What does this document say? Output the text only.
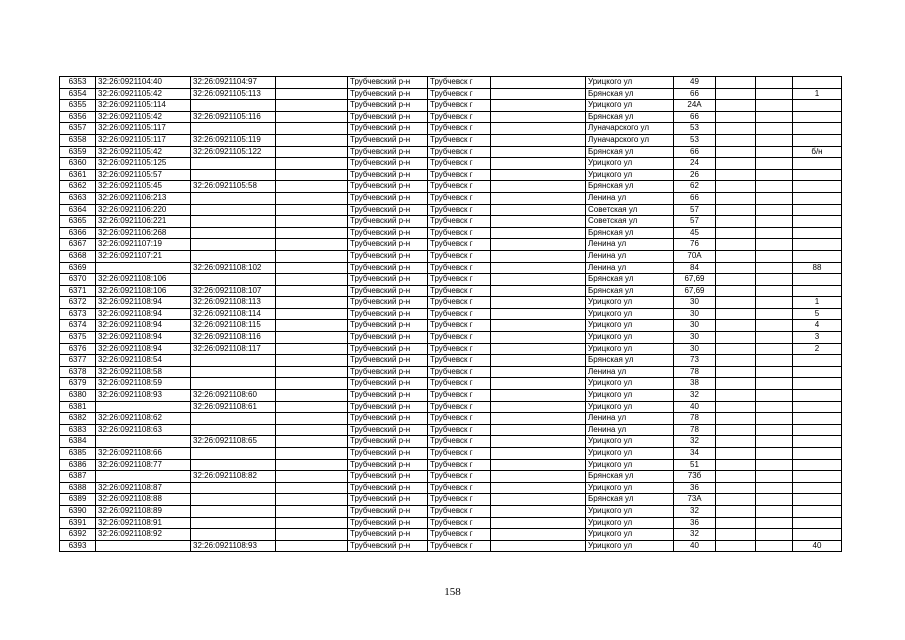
6353	32:26:0921104:40	32:26:0921104:97		Трубчевский р-н	Трубчевск г		Урицкого ул	49			
6354	32:26:0921105:42	32:26:0921105:113		Трубчевский р-н	Трубчевск г		Брянская ул	66			1
6355	32:26:0921105:114			Трубчевский р-н	Трубчевск г		Урицкого ул	24А			
6356	32:26:0921105:42	32:26:0921105:116		Трубчевский р-н	Трубчевск г		Брянская ул	66			
6357	32:26:0921105:117			Трубчевский р-н	Трубчевск г		Луначарского ул	53			
6358	32:26:0921105:117	32:26:0921105:119		Трубчевский р-н	Трубчевск г		Луначарского ул	53			
6359	32:26:0921105:42	32:26:0921105:122		Трубчевский р-н	Трубчевск г		Брянская ул	66			б/н
6360	32:26:0921105:125			Трубчевский р-н	Трубчевск г		Урицкого ул	24			
6361	32:26:0921105:57			Трубчевский р-н	Трубчевск г		Урицкого ул	26			
6362	32:26:0921105:45	32:26:0921105:58		Трубчевский р-н	Трубчевск г		Брянская ул	62			
6363	32:26:0921106:213			Трубчевский р-н	Трубчевск г		Ленина ул	66			
6364	32:26:0921106:220			Трубчевский р-н	Трубчевск г		Советская ул	57			
6365	32:26:0921106:221			Трубчевский р-н	Трубчевск г		Советская ул	57			
6366	32:26:0921106:268			Трубчевский р-н	Трубчевск г		Брянская ул	45			
6367	32:26:0921107:19			Трубчевский р-н	Трубчевск г		Ленина ул	76			
6368	32:26:0921107:21			Трубчевский р-н	Трубчевск г		Ленина ул	70А			
6369		32:26:0921108:102		Трубчевский р-н	Трубчевск г		Ленина ул	84			88
6370	32:26:0921108:106			Трубчевский р-н	Трубчевск г		Брянская ул	67,69			
6371	32:26:0921108:106	32:26:0921108:107		Трубчевский р-н	Трубчевск г		Брянская ул	67,69			
6372	32:26:0921108:94	32:26:0921108:113		Трубчевский р-н	Трубчевск г		Урицкого ул	30			1
6373	32:26:0921108:94	32:26:0921108:114		Трубчевский р-н	Трубчевск г		Урицкого ул	30			5
6374	32:26:0921108:94	32:26:0921108:115		Трубчевский р-н	Трубчевск г		Урицкого ул	30			4
6375	32:26:0921108:94	32:26:0921108:116		Трубчевский р-н	Трубчевск г		Урицкого ул	30			3
6376	32:26:0921108:94	32:26:0921108:117		Трубчевский р-н	Трубчевск г		Урицкого ул	30			2
6377	32:26:0921108:54			Трубчевский р-н	Трубчевск г		Брянская ул	73			
6378	32:26:0921108:58			Трубчевский р-н	Трубчевск г		Ленина ул	78			
6379	32:26:0921108:59			Трубчевский р-н	Трубчевск г		Урицкого ул	38			
6380	32:26:0921108:93	32:26:0921108:60		Трубчевский р-н	Трубчевск г		Урицкого ул	32			
6381		32:26:0921108:61		Трубчевский р-н	Трубчевск г		Урицкого ул	40			
6382	32:26:0921108:62			Трубчевский р-н	Трубчевск г		Ленина ул	78			
6383	32:26:0921108:63			Трубчевский р-н	Трубчевск г		Ленина ул	78			
6384		32:26:0921108:65		Трубчевский р-н	Трубчевск г		Урицкого ул	32			
6385	32:26:0921108:66			Трубчевский р-н	Трубчевск г		Урицкого ул	34			
6386	32:26:0921108:77			Трубчевский р-н	Трубчевск г		Урицкого ул	51			
6387		32:26:0921108:82		Трубчевский р-н	Трубчевск г		Брянская ул	73б			
6388	32:26:0921108:87			Трубчевский р-н	Трубчевск г		Урицкого ул	36			
6389	32:26:0921108:88			Трубчевский р-н	Трубчевск г		Брянская ул	73А			
6390	32:26:0921108:89			Трубчевский р-н	Трубчевск г		Урицкого ул	32			
6391	32:26:0921108:91			Трубчевский р-н	Трубчевск г		Урицкого ул	36			
6392	32:26:0921108:92			Трубчевский р-н	Трубчевск г		Урицкого ул	32			
6393		32:26:0921108:93		Трубчевский р-н	Трубчевск г		Урицкого ул	40			40
158
